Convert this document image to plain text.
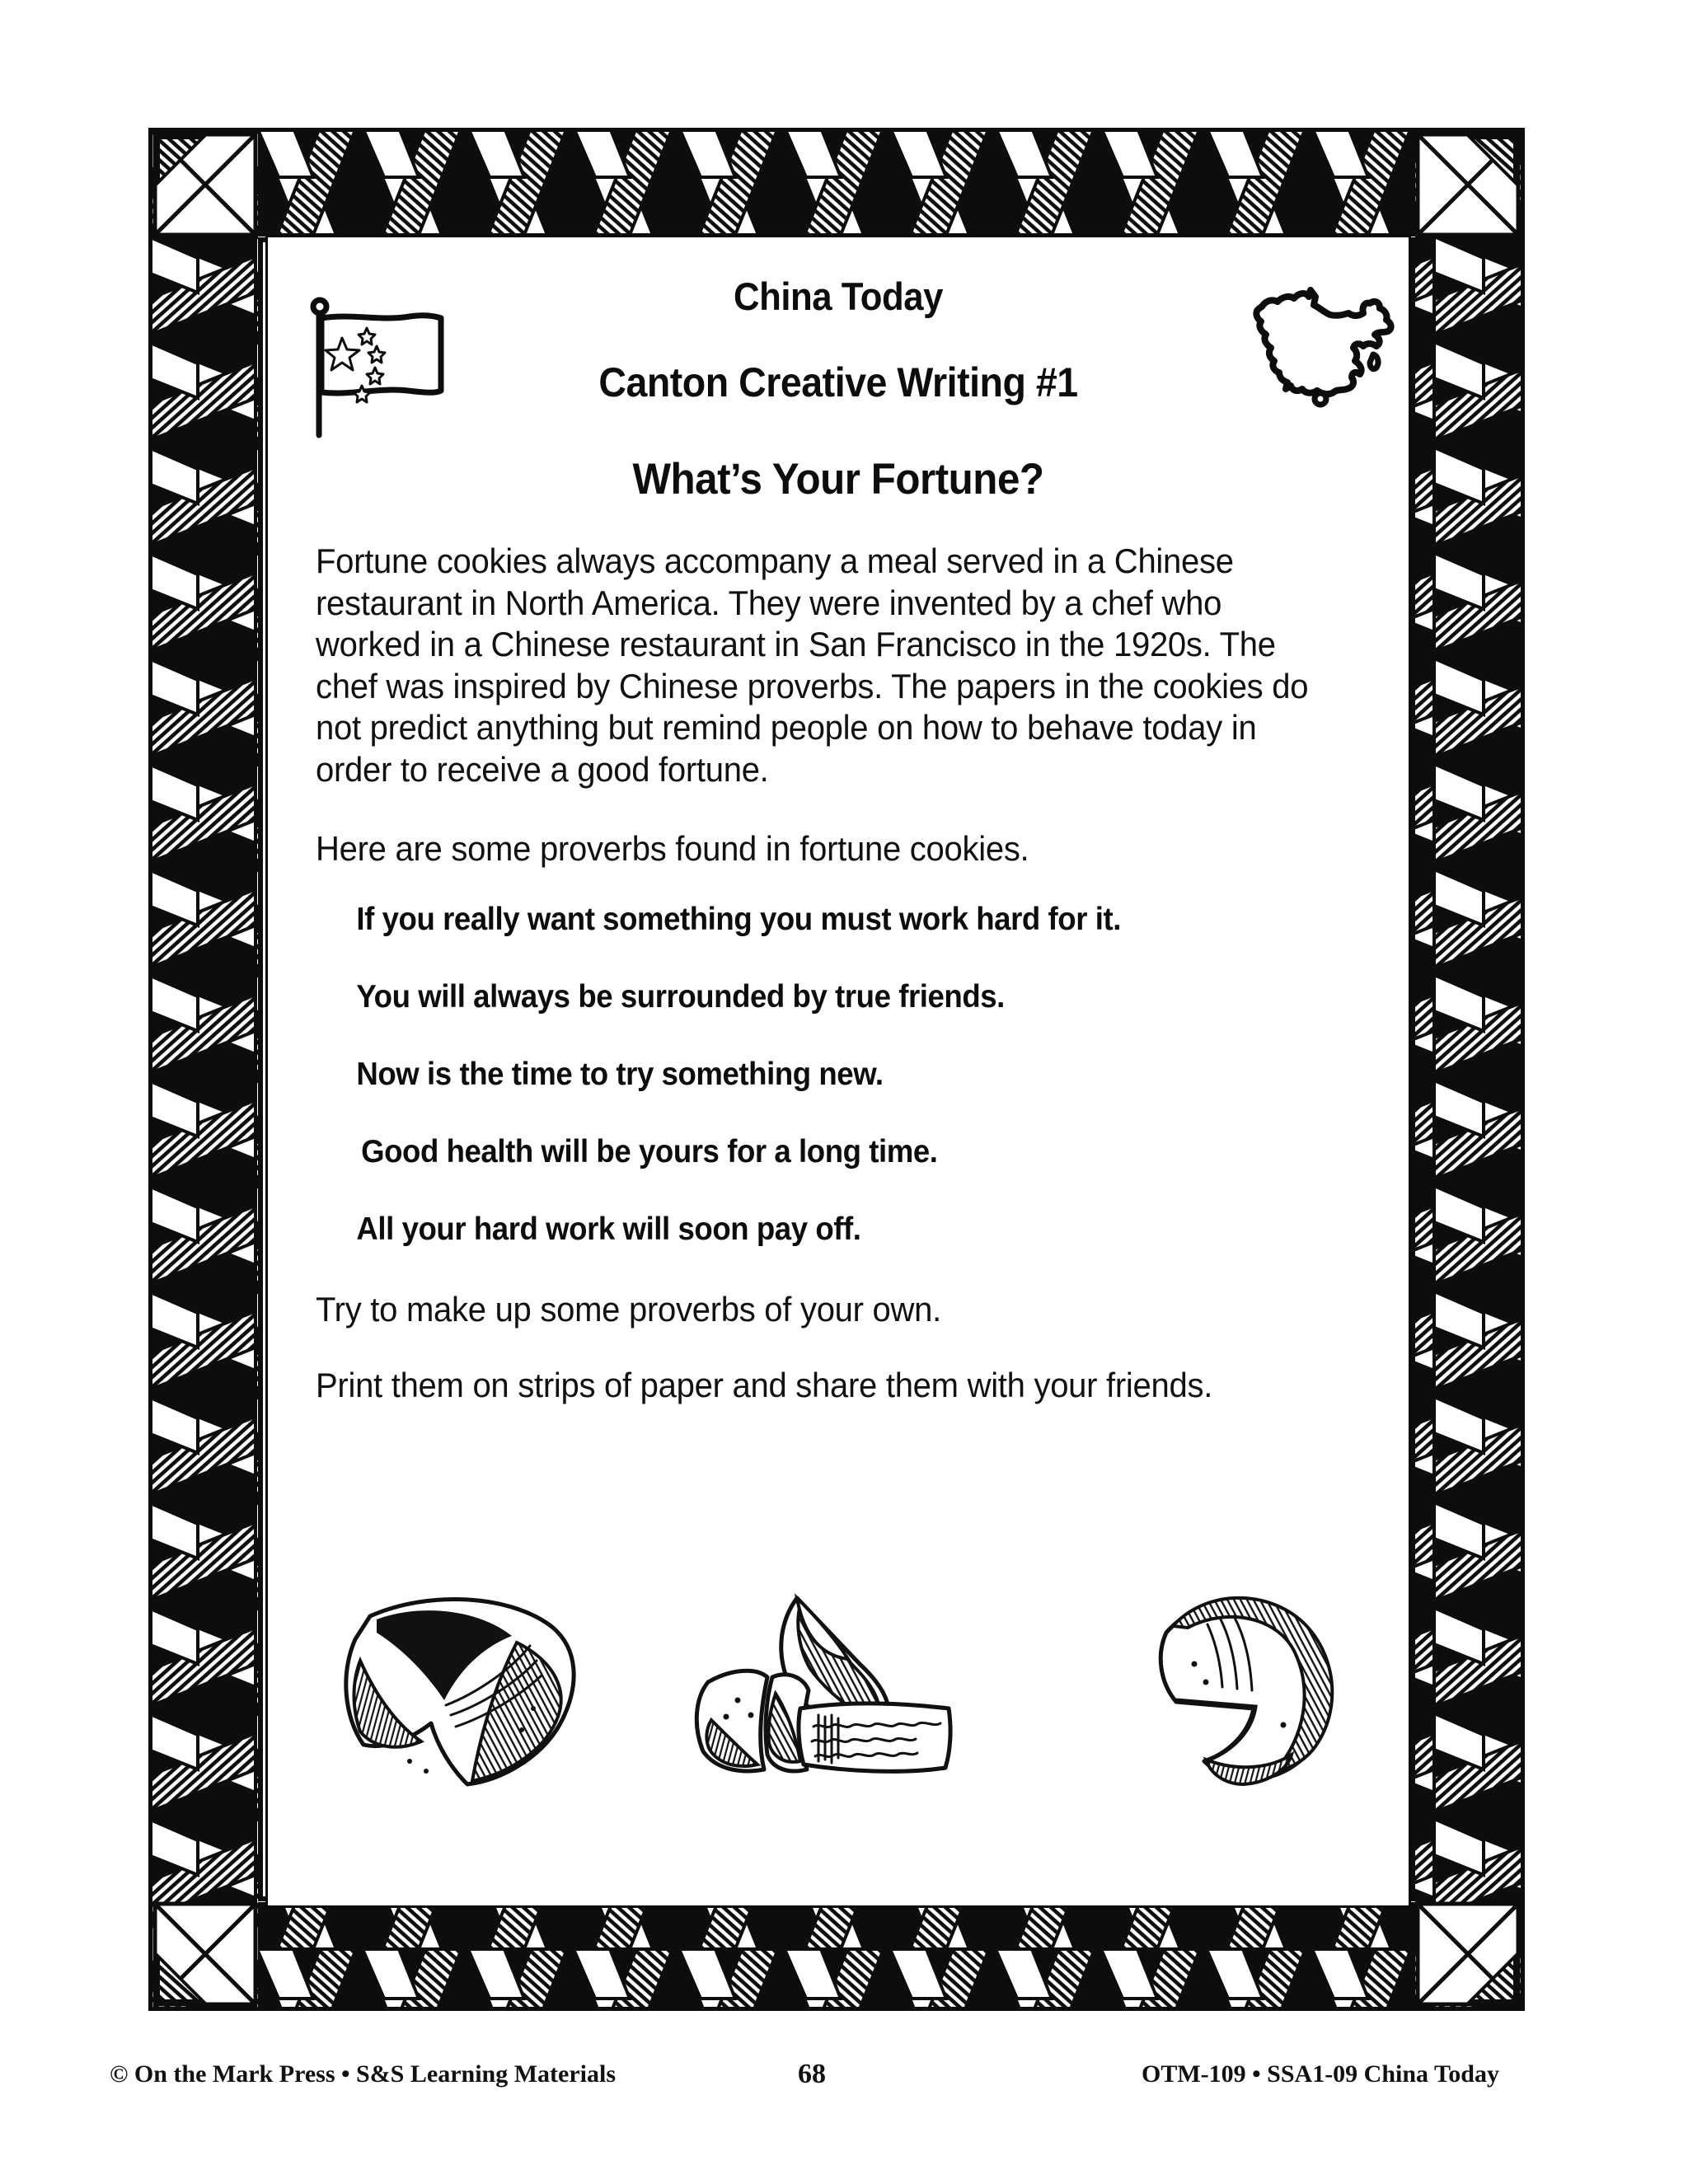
China Today
Canton Creative Writing #1
What’s Your Fortune?

Fortune cookies always accompany a meal served in a Chinese restaurant in North America. They were invented by a chef who worked in a Chinese restaurant in San Francisco in the 1920s. The chef was inspired by Chinese proverbs. The papers in the cookies do not predict anything but remind people on how to behave today in order to receive a good fortune.

Here are some proverbs found in fortune cookies.

If you really want something you must work hard for it.

You will always be surrounded by true friends.

Now is the time to try something new.

Good health will be yours for a long time.

All your hard work will soon pay off.

Try to make up some proverbs of your own.

Print them on strips of paper and share them with your friends.

© On the Mark Press • S&S Learning Materials	68	OTM-109 • SSA1-09 China Today
